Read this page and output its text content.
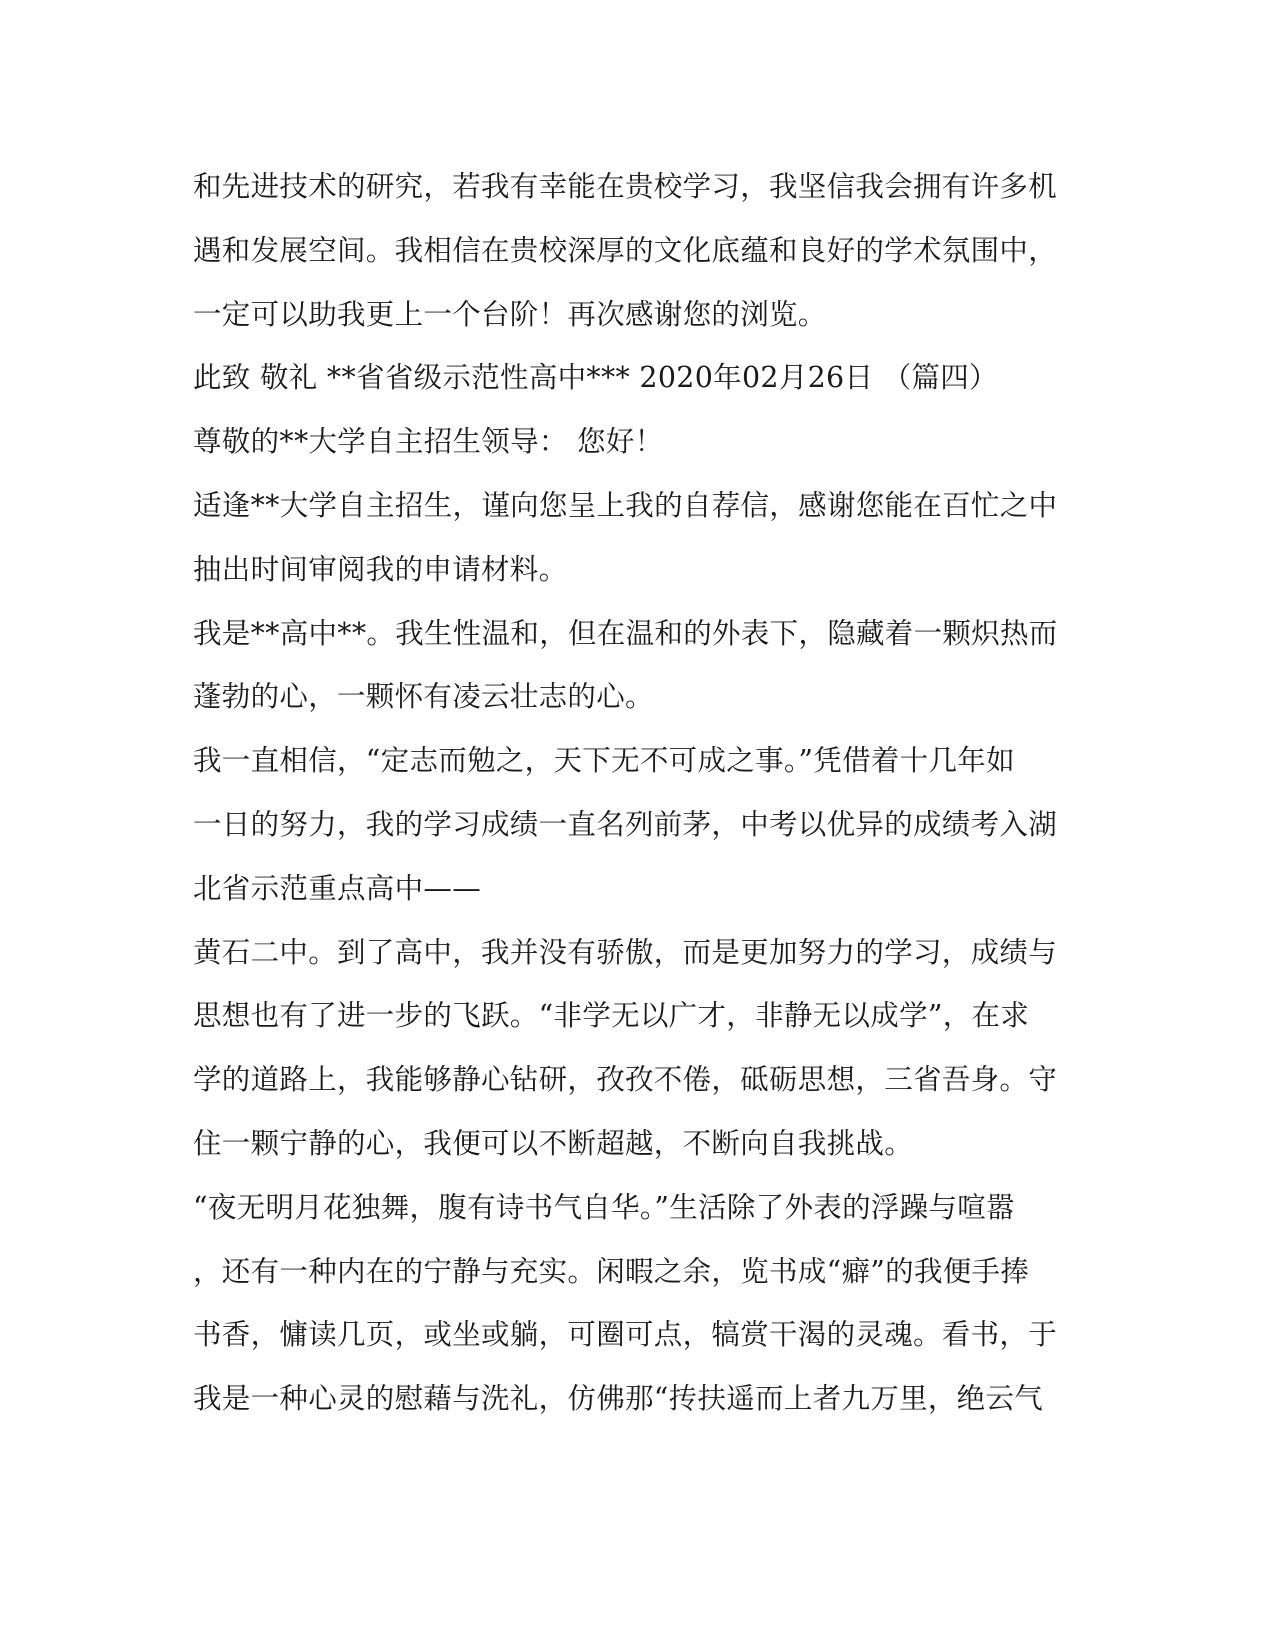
和先进技术的研究，若我有幸能在贵校学习，我坚信我会拥有许多机
遇和发展空间。我相信在贵校深厚的文化底蕴和良好的学术氛围中，
一定可以助我更上一个台阶！再次感谢您的浏览。
此致 敬礼 **省省级示范性高中*** 2020年02月26日 （篇四）
尊敬的**大学自主招生领导： 您好！
适逢**大学自主招生，谨向您呈上我的自荐信，感谢您能在百忙之中
抽出时间审阅我的申请材料。
我是**高中**。我生性温和，但在温和的外表下，隐藏着一颗炽热而
蓬勃的心，一颗怀有凌云壮志的心。
我一直相信，“定志而勉之，天下无不可成之事。”凭借着十几年如
一日的努力，我的学习成绩一直名列前茅，中考以优异的成绩考入湖
北省示范重点高中——
黄石二中。到了高中，我并没有骄傲，而是更加努力的学习，成绩与
思想也有了进一步的飞跃。“非学无以广才，非静无以成学”，在求
学的道路上，我能够静心钻研，孜孜不倦，砥砺思想，三省吾身。守
住一颗宁静的心，我便可以不断超越，不断向自我挑战。
“夜无明月花独舞，腹有诗书气自华。”生活除了外表的浮躁与喧嚣
，还有一种内在的宁静与充实。闲暇之余，览书成“癖”的我便手捧
书香，慵读几页，或坐或躺，可圈可点，犒赏干渴的灵魂。看书，于
我是一种心灵的慰藉与洗礼，仿佛那“抟扶遥而上者九万里，绝云气
